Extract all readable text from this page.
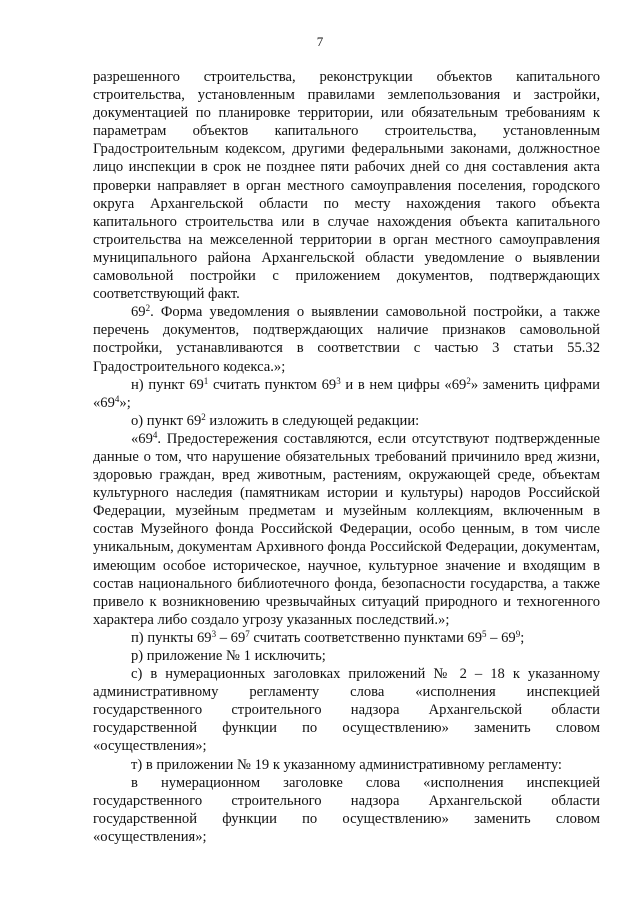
7

разрешенного строительства, реконструкции объектов капитального строительства, установленным правилами землепользования и застройки, документацией по планировке территории, или обязательным требованиям к параметрам объектов капитального строительства, установленным Градостроительным кодексом, другими федеральными законами, должностное лицо инспекции в срок не позднее пяти рабочих дней со дня составления акта проверки направляет в орган местного самоуправления поселения, городского округа Архангельской области по месту нахождения такого объекта капитального строительства или в случае нахождения объекта капитального строительства на межселенной территории в орган местного самоуправления муниципального района Архангельской области уведомление о выявлении самовольной постройки с приложением документов, подтверждающих соответствующий факт.

$69^2$. Форма уведомления о выявлении самовольной постройки, а также перечень документов, подтверждающих наличие признаков самовольной постройки, устанавливаются в соответствии с частью 3 статьи 55.32 Градостроительного кодекса.»;

н) пункт $69^1$ считать пунктом $69^3$ и в нем цифры «$69^2$» заменить цифрами «$69^4$»;

о) пункт $69^2$ изложить в следующей редакции:

«$69^4$. Предостережения составляются, если отсутствуют подтвержденные данные о том, что нарушение обязательных требований причинило вред жизни, здоровью граждан, вред животным, растениям, окружающей среде, объектам культурного наследия (памятникам истории и культуры) народов Российской Федерации, музейным предметам и музейным коллекциям, включенным в состав Музейного фонда Российской Федерации, особо ценным, в том числе уникальным, документам Архивного фонда Российской Федерации, документам, имеющим особое историческое, научное, культурное значение и входящим в состав национального библиотечного фонда, безопасности государства, а также привело к возникновению чрезвычайных ситуаций природного и техногенного характера либо создало угрозу указанных последствий.»;

п) пункты $69^3 - 69^7$ считать соответственно пунктами $69^5 - 69^9$;

р) приложение № 1 исключить;

с) в нумерационных заголовках приложений № 2 – 18 к указанному административному регламенту слова «исполнения инспекцией государственного строительного надзора Архангельской области государственной функции по осуществлению» заменить словом «осуществления»;

т) в приложении № 19 к указанному административному регламенту:

в нумерационном заголовке слова «исполнения инспекцией государственного строительного надзора Архангельской области государственной функции по осуществлению» заменить словом «осуществления»;
